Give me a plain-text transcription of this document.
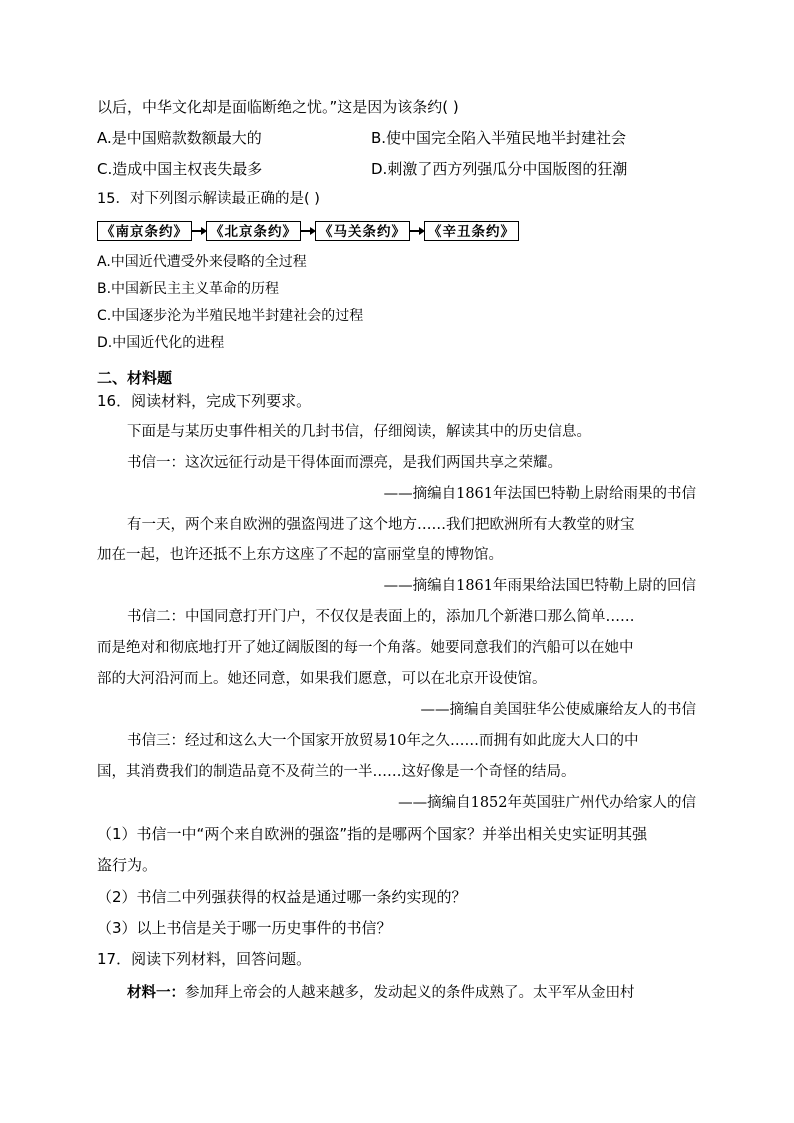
以后，中华文化却是面临断绝之忧。”这是因为该条约( )
A.是中国赔款数额最大的	B.使中国完全陷入半殖民地半封建社会
C.造成中国主权丧失最多	D.刺激了西方列强瓜分中国版图的狂潮
15．对下列图示解读最正确的是( )
《南京条约》 《北京条约》 《马关条约》 《辛丑条约》
A.中国近代遭受外来侵略的全过程
B.中国新民主主义革命的历程
C.中国逐步沦为半殖民地半封建社会的过程
D.中国近代化的进程
二、材料题
16．阅读材料，完成下列要求。
下面是与某历史事件相关的几封书信，仔细阅读，解读其中的历史信息。
书信一：这次远征行动是干得体面而漂亮，是我们两国共享之荣耀。
——摘编自1861年法国巴特勒上尉给雨果的书信
有一天，两个来自欧洲的强盗闯进了这个地方……我们把欧洲所有大教堂的财宝
加在一起，也许还抵不上东方这座了不起的富丽堂皇的博物馆。
——摘编自1861年雨果给法国巴特勒上尉的回信
书信二：中国同意打开门户，不仅仅是表面上的，添加几个新港口那么简单……
而是绝对和彻底地打开了她辽阔版图的每一个角落。她要同意我们的汽船可以在她中
部的大河沿河而上。她还同意，如果我们愿意，可以在北京开设使馆。
——摘编自美国驻华公使威廉给友人的书信
书信三：经过和这么大一个国家开放贸易10年之久……而拥有如此庞大人口的中
国，其消费我们的制造品竟不及荷兰的一半……这好像是一个奇怪的结局。
——摘编自1852年英国驻广州代办给家人的信
（1）书信一中“两个来自欧洲的强盗”指的是哪两个国家？并举出相关史实证明其强
盗行为。
（2）书信二中列强获得的权益是通过哪一条约实现的？
（3）以上书信是关于哪一历史事件的书信？
17．阅读下列材料，回答问题。
材料一：参加拜上帝会的人越来越多，发动起义的条件成熟了。太平军从金田村
